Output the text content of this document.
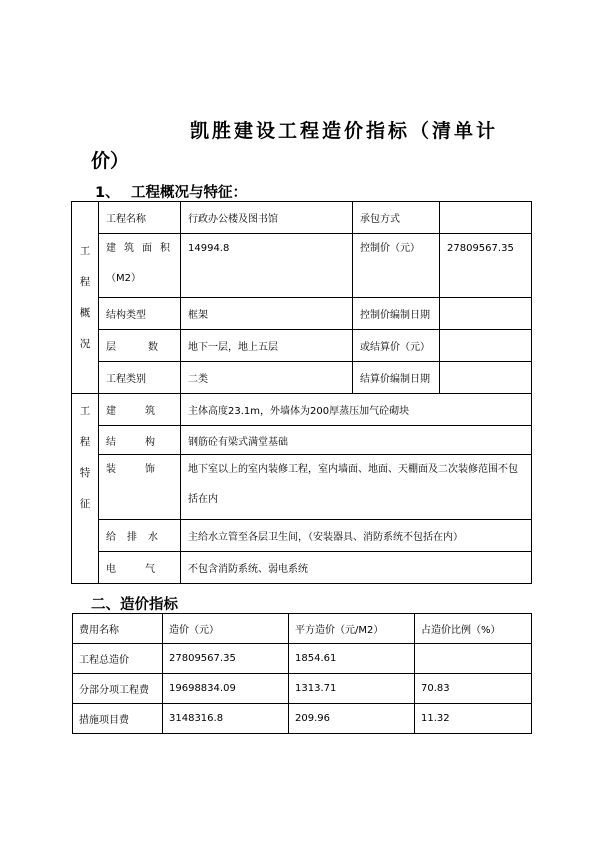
凯胜建设工程造价指标（清单计
价）
1、 工程概况与特征：
工
程
概
况	工程名称	行政办公楼及图书馆	承包方式	

	建 筑 面 积
（M2）	14994.8	控制价（元）	27809567.35
	结构类型	框架	控制价编制日期	

	层 数	地下一层，地上五层	或结算价（元）	
	工程类别	二类	结算价编制日期	

工
程
特
征	建 筑	主体高度23.1m，外墙体为200厚蒸压加气砼砌块		

	结 构	钢筋砼有梁式满堂基础		

	装 饰	地下室以上的室内装修工程，室内墙面、地面、天棚面及二次装修范围不包括在内		

	给 排 水	主给水立管至各层卫生间，（安装器具、消防系统不包括在内）		

	电 气	不包含消防系统、弱电系统		
二、造价指标
费用名称	造价（元）	平方造价（元/M2）	占造价比例（%）
工程总造价	27809567.35	1854.61	
分部分项工程费	19698834.09	1313.71	70.83
措施项目费	3148316.8	209.96	11.32
